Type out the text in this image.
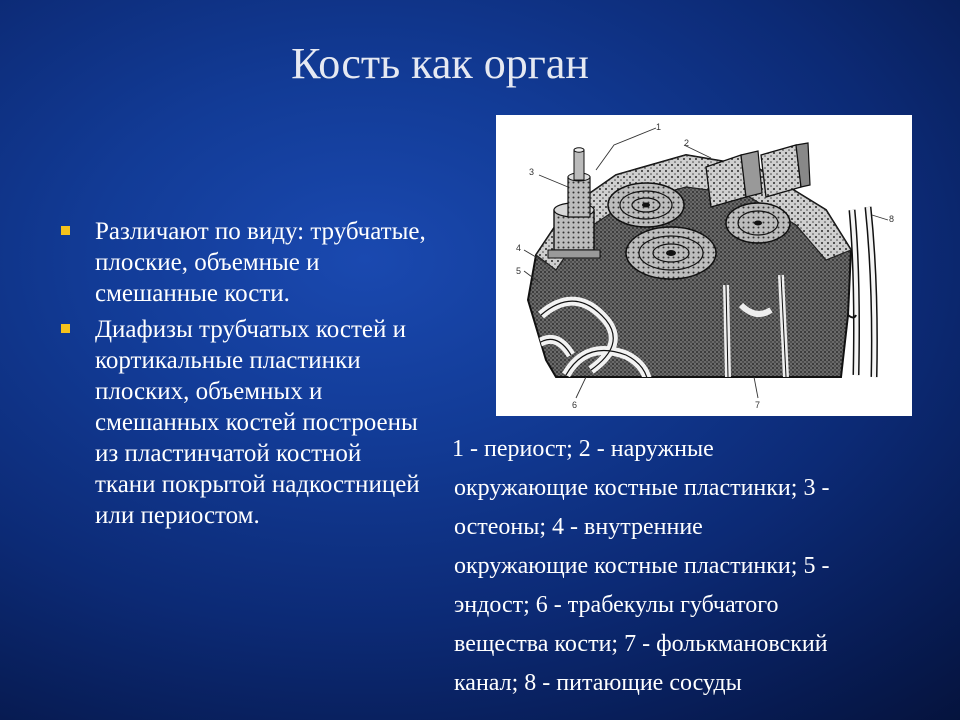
Кость как орган
Различают по виду: трубчатые, плоские, объемные и смешанные кости.
Диафизы трубчатых костей и кортикальные пластинки плоских, объемных и смешанных костей построены из пластинчатой костной ткани покрытой надкостницей или периостом.
1
2
3
4
5
6	7
8
1 - периост; 2 - наружные
окружающие костные пластинки; 3 -
остеоны; 4 - внутренние
окружающие костные пластинки; 5 -
эндост; 6 - трабекулы губчатого
вещества кости; 7 - фолькмановский
канал; 8 - питающие сосуды
